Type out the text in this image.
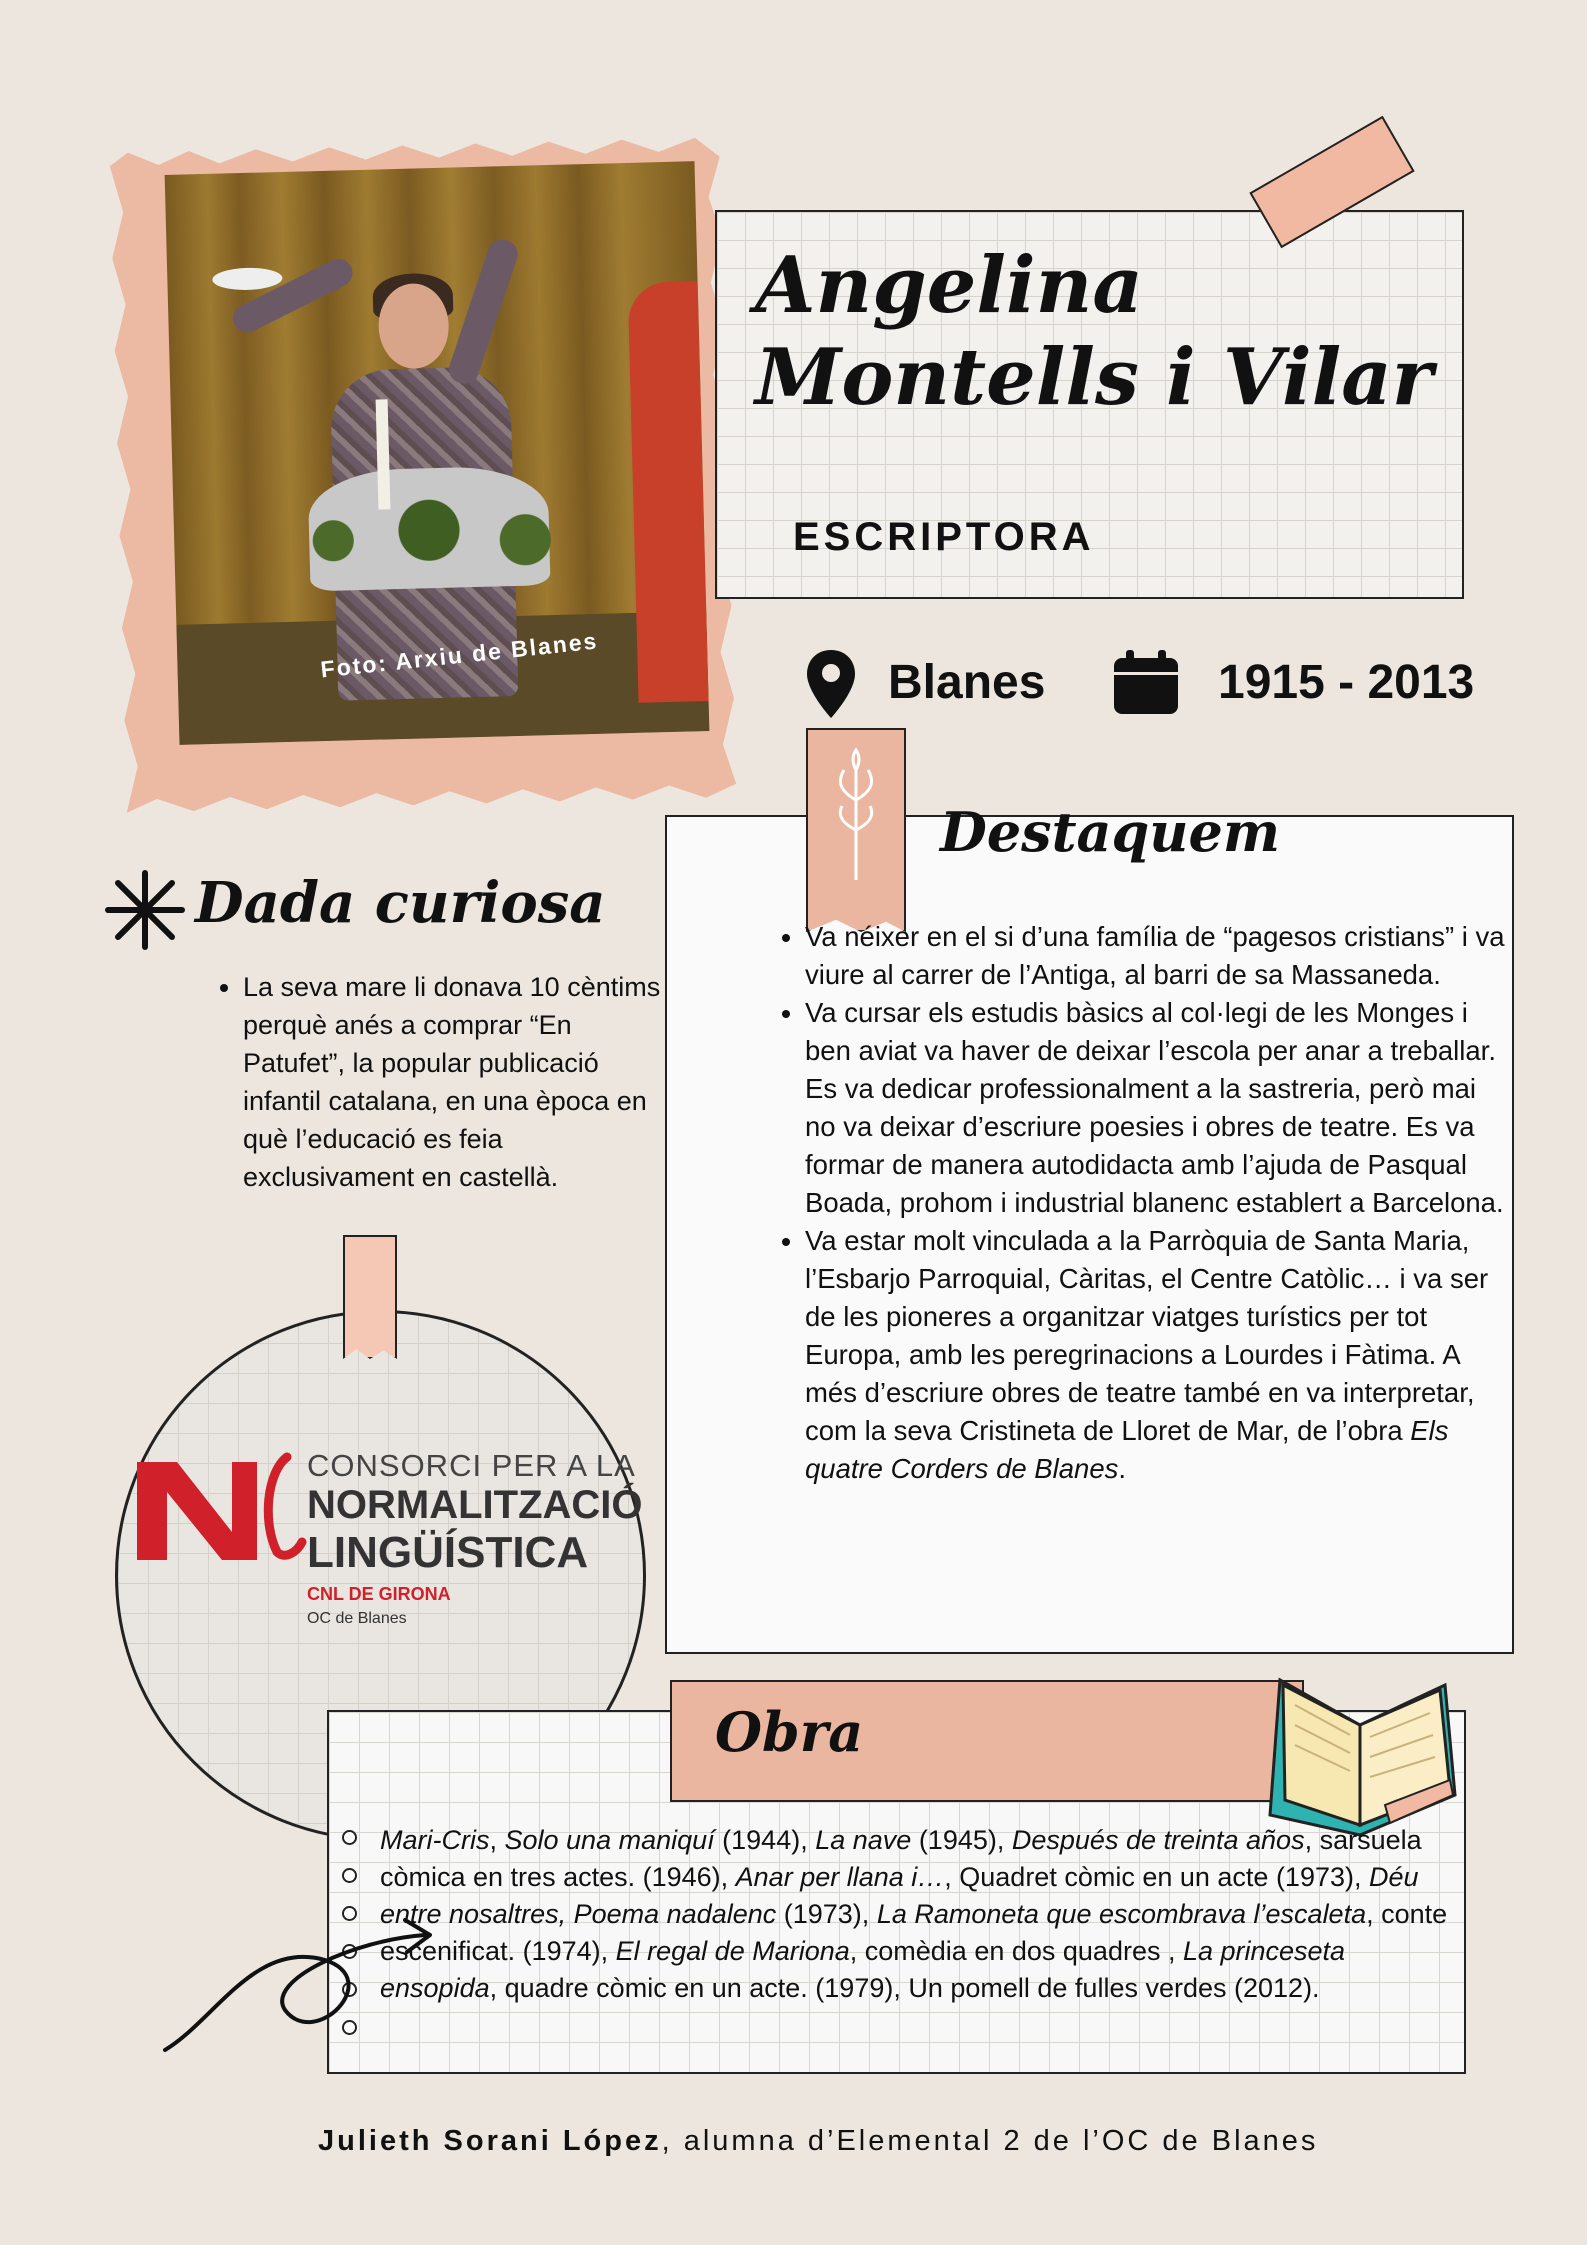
Foto: Arxiu de Blanes
Angelina
Montells i Vilar
ESCRIPTORA
Blanes	1915 - 2013
Destaquem
• Va néixer en el si d’una família de “pagesos cristians” i va viure al carrer de l’Antiga, al barri de sa Massaneda.
• Va cursar els estudis bàsics al col·legi de les Monges i ben aviat va haver de deixar l’escola per anar a treballar. Es va dedicar professionalment a la sastreria, però mai no va deixar d’escriure poesies i obres de teatre. Es va formar de manera autodidacta amb l’ajuda de Pasqual Boada, prohom i industrial blanenc establert a Barcelona.
• Va estar molt vinculada a la Parròquia de Santa Maria, l’Esbarjo Parroquial, Càritas, el Centre Catòlic… i va ser de les pioneres a organitzar viatges turístics per tot Europa, amb les peregrinacions a Lourdes i Fàtima. A més d’escriure obres de teatre també en va interpretar, com la seva Cristineta de Lloret de Mar, de l’obra Els quatre Corders de Blanes.
Dada curiosa
• La seva mare li donava 10 cèntims perquè anés a comprar “En Patufet”, la popular publicació infantil catalana, en una època en què l’educació es feia exclusivament en castellà.
CONSORCI PER A LA
NORMALITZACIÓ
LINGÜÍSTICA
CNL DE GIRONA
OC de Blanes
Obra
Mari-Cris, Solo una maniquí (1944), La nave (1945), Después de treinta años, sarsuela còmica en tres actes. (1946), Anar per llana i…, Quadret còmic en un acte (1973), Déu entre nosaltres, Poema nadalenc (1973), La Ramoneta que escombrava l’escaleta, conte escenificat. (1974), El regal de Mariona, comèdia en dos quadres , La princeseta ensopida, quadre còmic en un acte. (1979), Un pomell de fulles verdes (2012).
Julieth Sorani López, alumna d’Elemental 2 de l’OC de Blanes
